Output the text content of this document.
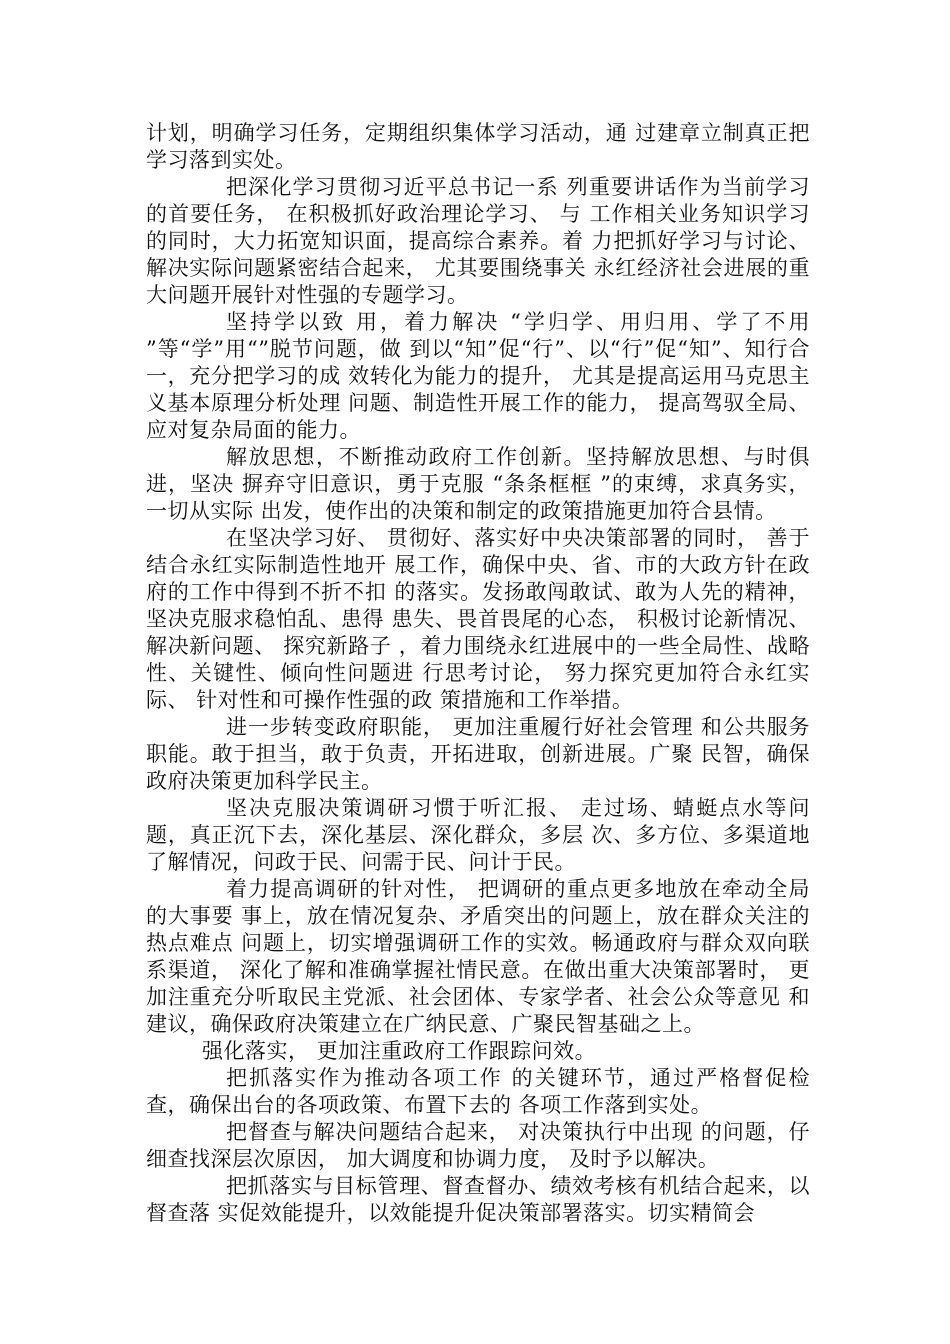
计划，明确学习任务，定期组织集体学习活动，通 过建章立制真正把学习落到实处。

把深化学习贯彻习近平总书记一系 列重要讲话作为当前学习的首要任务， 在积极抓好政治理论学习、 与 工作相关业务知识学习的同时，大力拓宽知识面，提高综合素养。着 力把抓好学习与讨论、 解决实际问题紧密结合起来， 尤其要围绕事关 永红经济社会进展的重大问题开展针对性强的专题学习。

坚持学以致 用，着力解决 “学归学、用归用、学了不用 ”等“学”用“”脱节问题，做 到以“知”促“行”、以“行”促“知”、知行合一，充分把学习的成 效转化为能力的提升， 尤其是提高运用马克思主义基本原理分析处理 问题、制造性开展工作的能力， 提高驾驭全局、 应对复杂局面的能力。

解放思想，不断推动政府工作创新。坚持解放思想、与时俱进，坚决 摒弃守旧意识，勇于克服 “条条框框 ”的束缚，求真务实，一切从实际 出发，使作出的决策和制定的政策措施更加符合县情。

在坚决学习好、 贯彻好、落实好中央决策部署的同时， 善于结合永红实际制造性地开 展工作，确保中央、省、市的大政方针在政府的工作中得到不折不扣 的落实。发扬敢闯敢试、敢为人先的精神，坚决克服求稳怕乱、患得 患失、畏首畏尾的心态， 积极讨论新情况、 解决新问题、 探究新路子 ，着力围绕永红进展中的一些全局性、战略性、关键性、倾向性问题进 行思考讨论， 努力探究更加符合永红实际、 针对性和可操作性强的政 策措施和工作举措。

进一步转变政府职能， 更加注重履行好社会管理 和公共服务职能。敢于担当，敢于负责，开拓进取，创新进展。广聚 民智，确保政府决策更加科学民主。

坚决克服决策调研习惯于听汇报、 走过场、蜻蜓点水等问题，真正沉下去，深化基层、深化群众，多层 次、多方位、多渠道地了解情况，问政于民、问需于民、问计于民。

着力提高调研的针对性， 把调研的重点更多地放在牵动全局的大事要 事上，放在情况复杂、矛盾突出的问题上，放在群众关注的热点难点 问题上，切实增强调研工作的实效。畅通政府与群众双向联系渠道， 深化了解和准确掌握社情民意。在做出重大决策部署时， 更加注重充分听取民主党派、社会团体、专家学者、社会公众等意见 和建议，确保政府决策建立在广纳民意、广聚民智基础之上。

强化落实， 更加注重政府工作跟踪问效。

把抓落实作为推动各项工作 的关键环节，通过严格督促检查，确保出台的各项政策、布置下去的 各项工作落到实处。

把督查与解决问题结合起来， 对决策执行中出现 的问题，仔细查找深层次原因， 加大调度和协调力度， 及时予以解决。

把抓落实与目标管理、督查督办、绩效考核有机结合起来，以督查落 实促效能提升，以效能提升促决策部署落实。切实精简会
